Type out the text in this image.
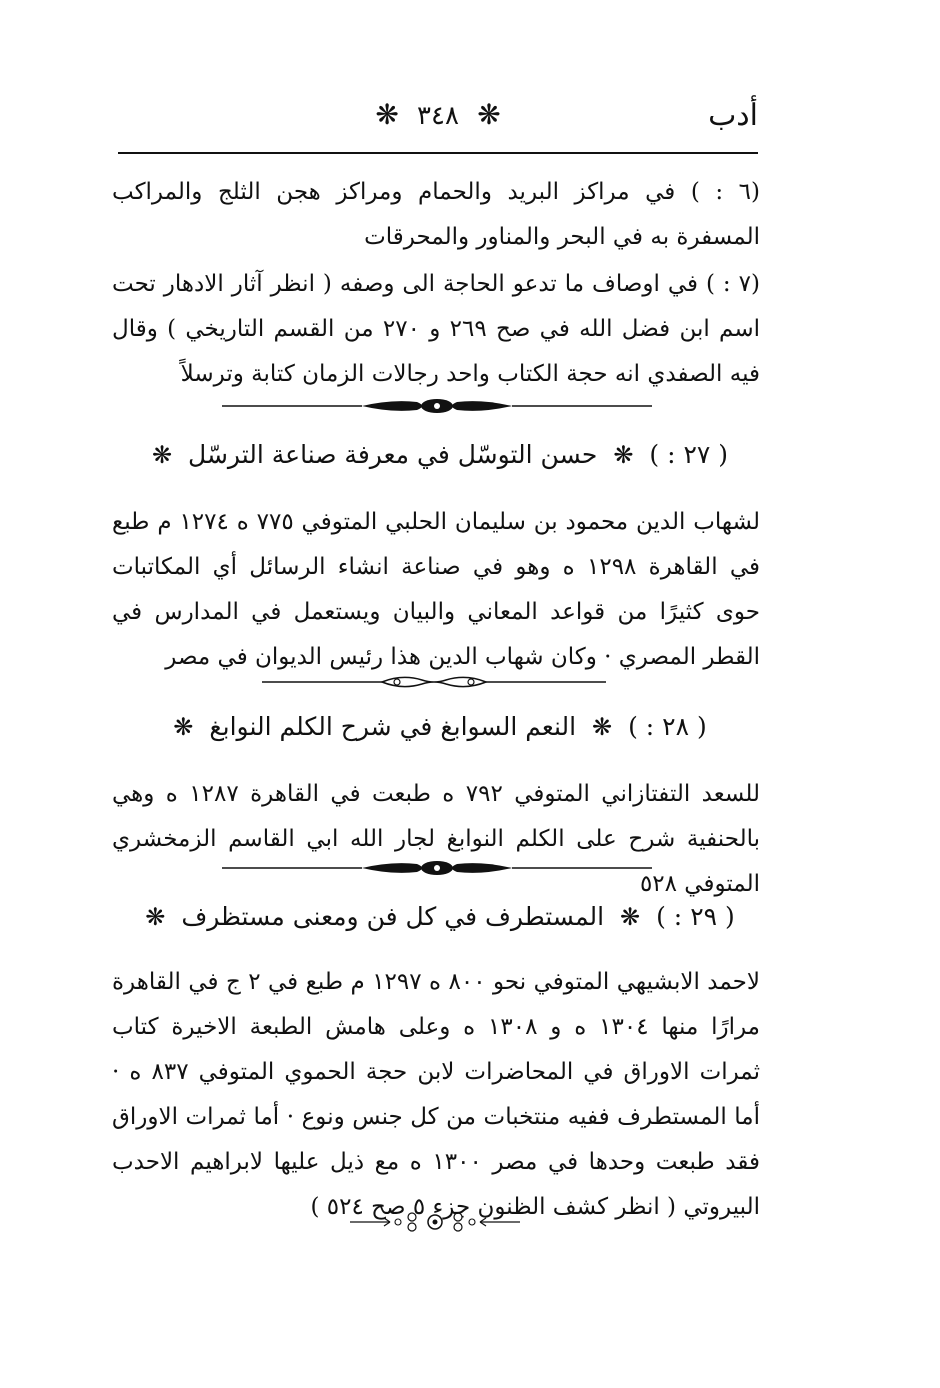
أدب
❋ ٣٤٨ ❋

(٦ : ) في مراكز البريد والحمام ومراكز هجن الثلج والمراكب المسفرة به في البحر والمناور والمحرقات

(٧ : ) في اوصاف ما تدعو الحاجة الى وصفه ( انظر آثار الادهار تحت اسم ابن فضل الله في صح ٢٦٩ و ٢٧٠ من القسم التاريخي ) وقال فيه الصفدي انه حجة الكتاب واحد رجالات الزمان كتابة وترسلاً

( ٢٧ : ) ❋ حسن التوسّل في معرفة صناعة الترسّل ❋

لشهاب الدين محمود بن سليمان الحلبي المتوفي ٧٧٥ ه ١٢٧٤ م طبع في القاهرة ١٢٩٨ ه وهو في صناعة انشاء الرسائل أي المكاتبات حوى كثيرًا من قواعد المعاني والبيان ويستعمل في المدارس في القطر المصري · وكان شهاب الدين هذا رئيس الديوان في مصر

( ٢٨ : ) ❋ النعم السوابغ في شرح الكلم النوابغ ❋

للسعد التفتازاني المتوفي ٧٩٢ ه طبعت في القاهرة ١٢٨٧ ه وهي بالحنفية شرح على الكلم النوابغ لجار الله ابي القاسم الزمخشري المتوفي ٥٢٨

( ٢٩ : ) ❋ المستطرف في كل فن ومعنى مستظرف ❋

لاحمد الابشيهي المتوفي نحو ٨٠٠ ه ١٢٩٧ م طبع في ٢ ج في القاهرة مرارًا منها ١٣٠٤ ه و ١٣٠٨ ه وعلى هامش الطبعة الاخيرة كتاب ثمرات الاوراق في المحاضرات لابن حجة الحموي المتوفي ٨٣٧ ه · أما المستطرف ففيه منتخبات من كل جنس ونوع · أما ثمرات الاوراق فقد طبعت وحدها في مصر ١٣٠٠ ه مع ذيل عليها لابراهيم الاحدب البيروتي ( انظر كشف الظنون جزء ٥ صح ٥٢٤ )
